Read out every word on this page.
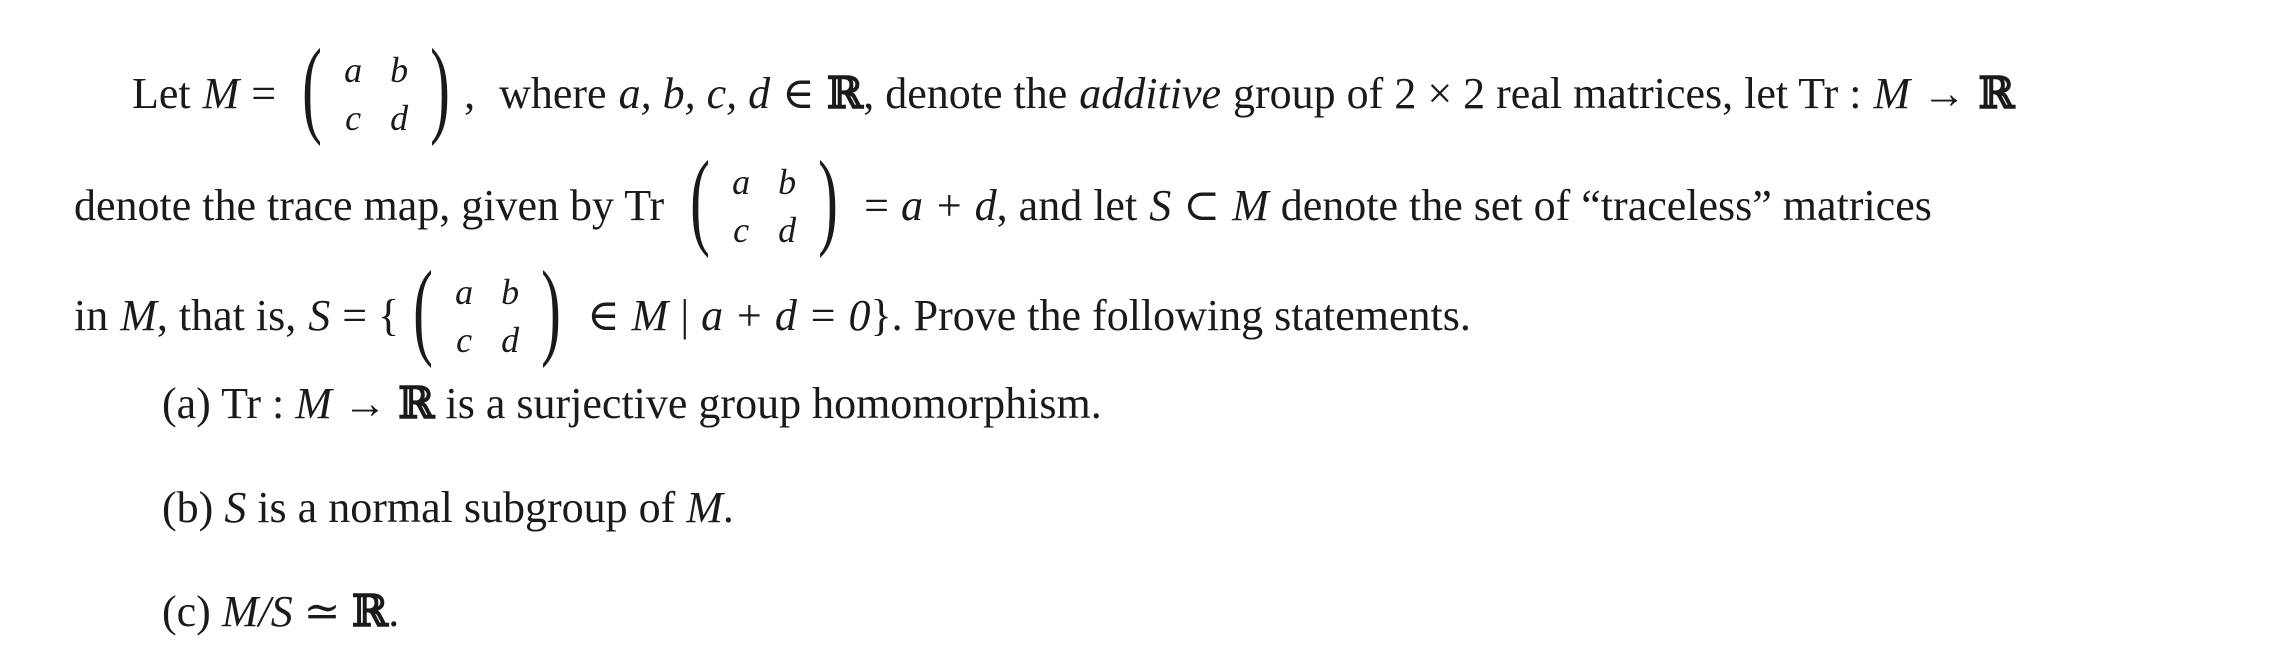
Let M = ( a b
c d ) , where a, b, c, d ∈ ℝ , denote the additive group of 2 × 2 real matrices, let Tr : M → ℝ
denote the trace map, given by Tr ( a b
c d ) = a + d , and let S ⊂ M denote the set of “traceless” matrices
in M , that is, S = { ( a b
c d ) ∈ M | a + d = 0 }. Prove the following statements.
(a) Tr : M → ℝ is a surjective group homomorphism.
(b) S is a normal subgroup of M.
(c) M/S ≃ ℝ.
